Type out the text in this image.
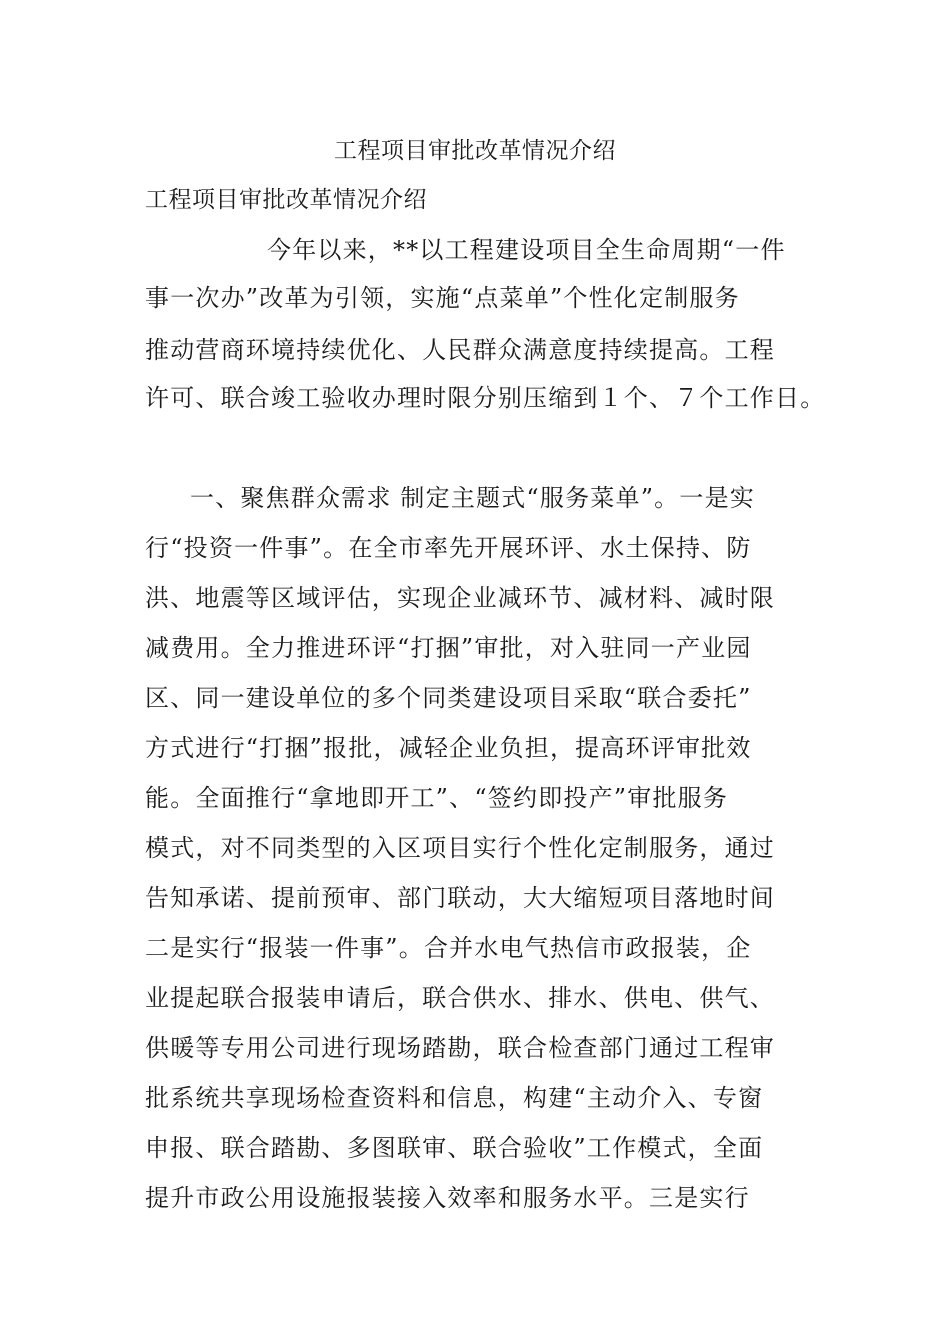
工程项目审批改革情况介绍
工程项目审批改革情况介绍
今年以来，**以工程建设项目全生命周期“一件
事一次办”改革为引领，实施“点菜单”个性化定制服务
推动营商环境持续优化、人民群众满意度持续提高。工程
许可、联合竣工验收办理时限分别压缩到１个、７个工作日。
一、聚焦群众需求 制定主题式“服务菜单”。一是实
行“投资一件事”。在全市率先开展环评、水土保持、防
洪、地震等区域评估，实现企业减环节、减材料、减时限
减费用。全力推进环评“打捆”审批，对入驻同一产业园
区、同一建设单位的多个同类建设项目采取“联合委托”
方式进行“打捆”报批，减轻企业负担，提高环评审批效
能。全面推行“拿地即开工”、“签约即投产”审批服务
模式，对不同类型的入区项目实行个性化定制服务，通过
告知承诺、提前预审、部门联动，大大缩短项目落地时间
二是实行“报装一件事”。合并水电气热信市政报装，企
业提起联合报装申请后，联合供水、排水、供电、供气、
供暖等专用公司进行现场踏勘，联合检查部门通过工程审
批系统共享现场检查资料和信息，构建“主动介入、专窗
申报、联合踏勘、多图联审、联合验收”工作模式，全面
提升市政公用设施报装接入效率和服务水平。三是实行
